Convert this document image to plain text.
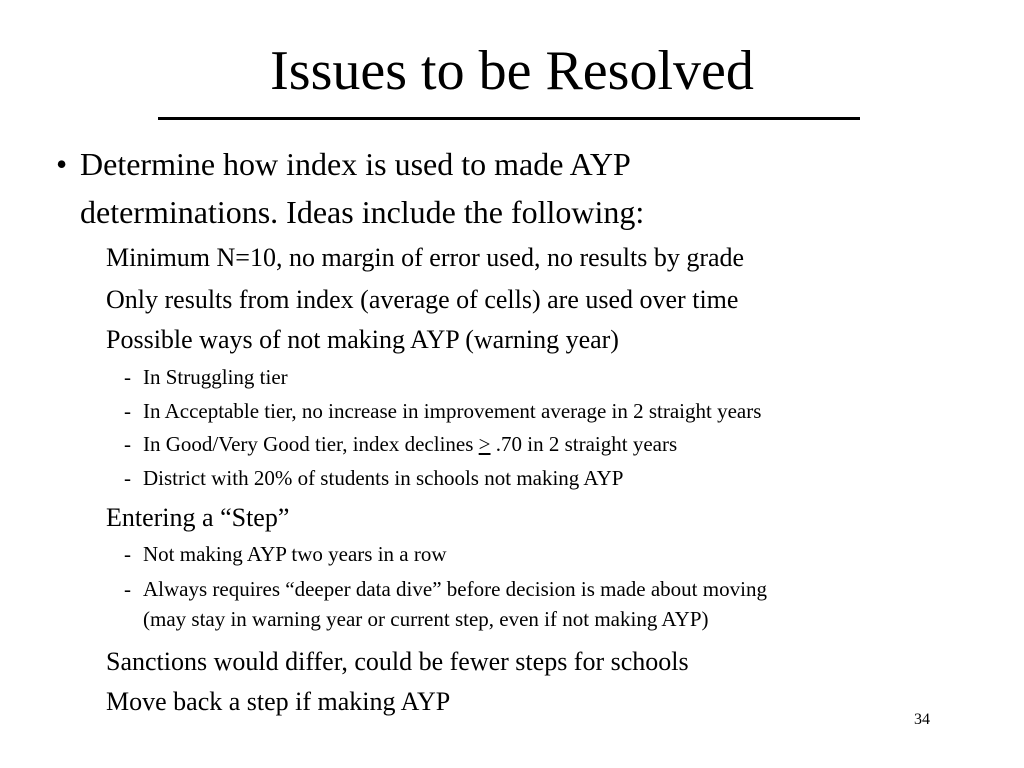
Issues to be Resolved
• Determine how index is used to made AYP
determinations. Ideas include the following:
Minimum N=10, no margin of error used, no results by grade
Only results from index (average of cells) are used over time
Possible ways of not making AYP (warning year)
- In Struggling tier
- In Acceptable tier, no increase in improvement average in 2 straight years
- In Good/Very Good tier, index declines ≥ .70 in 2 straight years
- District with 20% of students in schools not making AYP
Entering a “Step”
- Not making AYP two years in a row
- Always requires “deeper data dive” before decision is made about moving
(may stay in warning year or current step, even if not making AYP)
Sanctions would differ, could be fewer steps for schools
Move back a step if making AYP
34
